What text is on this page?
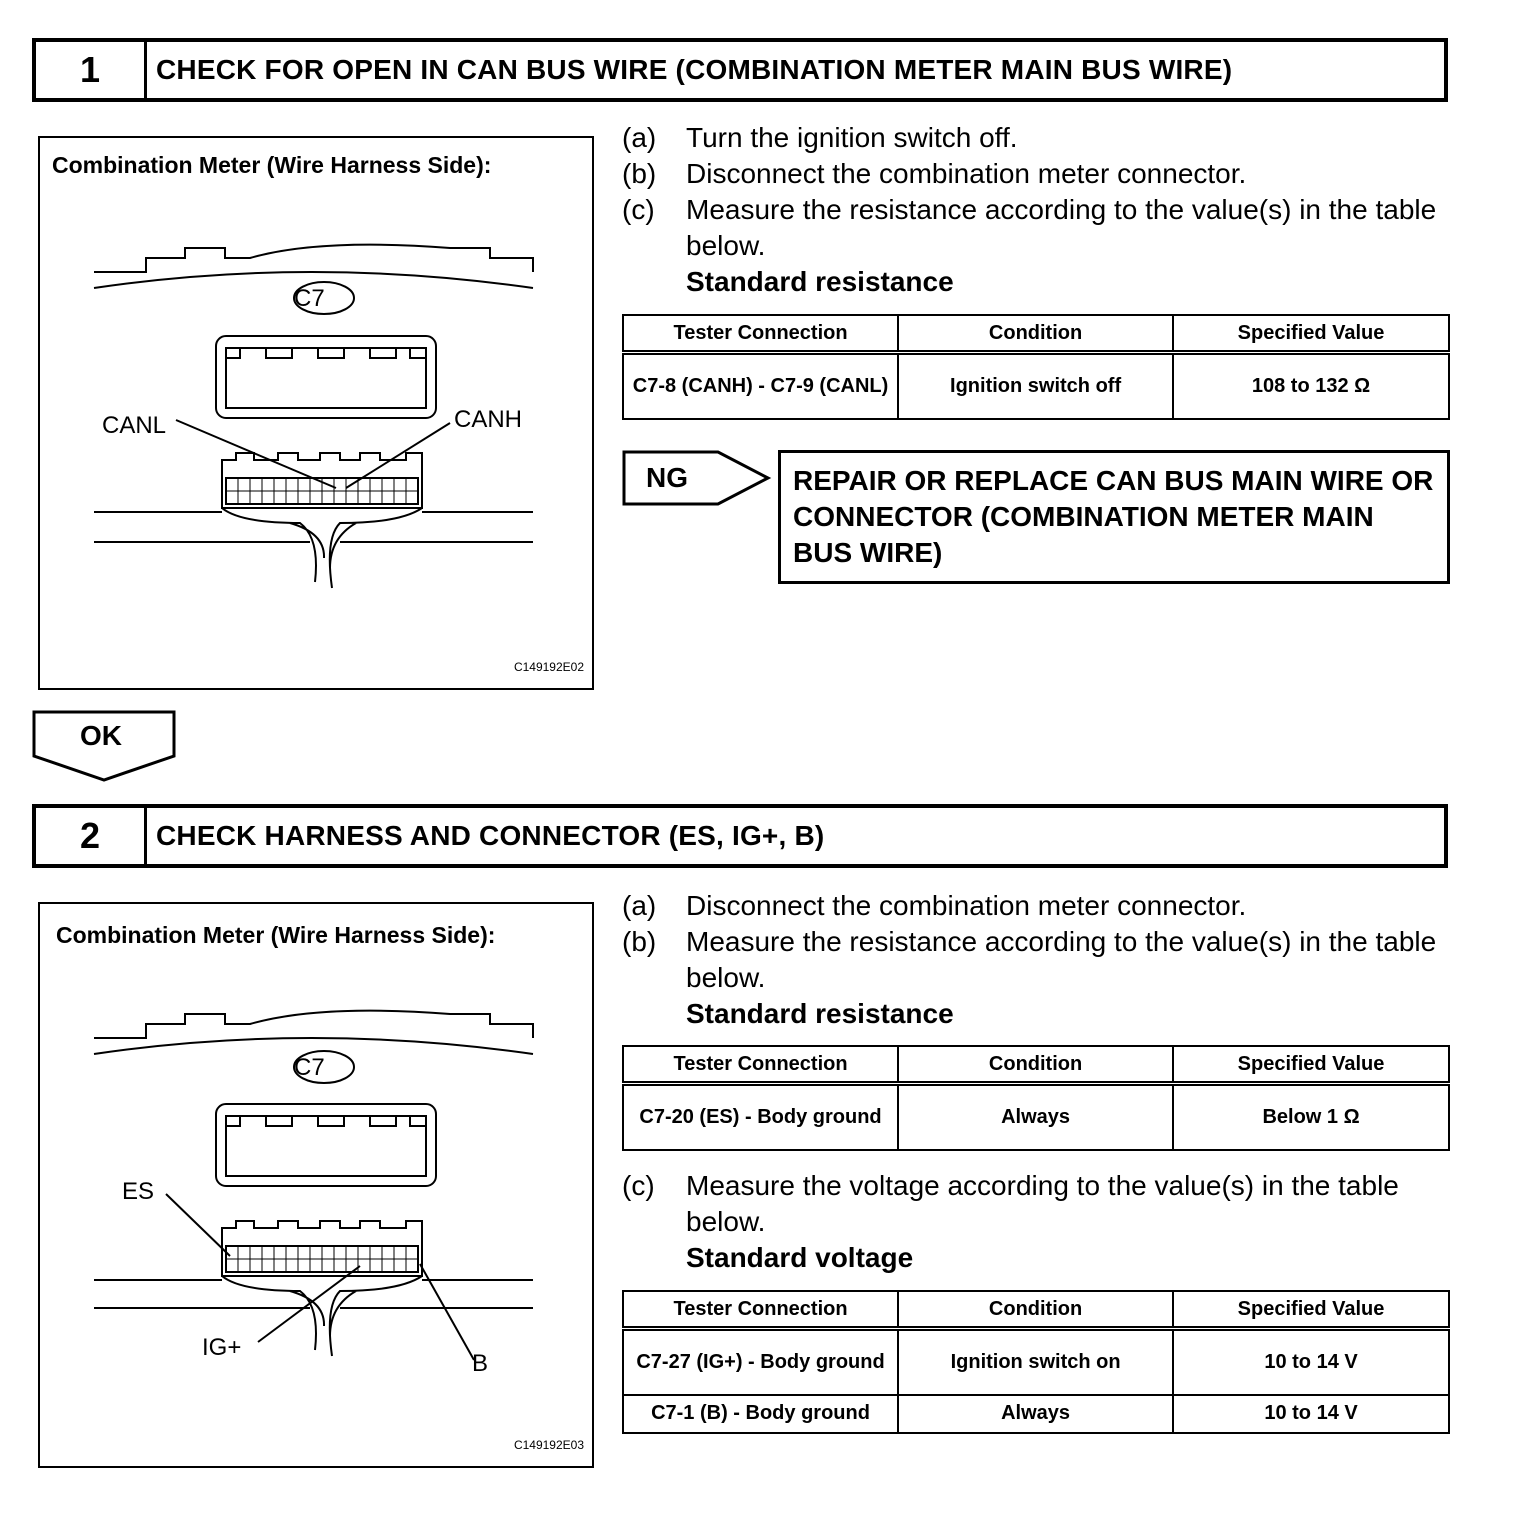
1	CHECK FOR OPEN IN CAN BUS WIRE (COMBINATION METER MAIN BUS WIRE)
Combination Meter (Wire Harness Side):
C7
CANL	CANH
C149192E02
(a) Turn the ignition switch off.
(b) Disconnect the combination meter connector.
(c) Measure the resistance according to the value(s) in the table below.
Standard resistance
Tester Connection	Condition	Specified Value
C7-8 (CANH) - C7-9 (CANL)	Ignition switch off	108 to 132 Ω
NG	REPAIR OR REPLACE CAN BUS MAIN WIRE OR CONNECTOR (COMBINATION METER MAIN BUS WIRE)
OK
2	CHECK HARNESS AND CONNECTOR (ES, IG+, B)
Combination Meter (Wire Harness Side):
C7
ES
IG+
B
C149192E03
(a) Disconnect the combination meter connector.
(b) Measure the resistance according to the value(s) in the table below.
Standard resistance
Tester Connection	Condition	Specified Value
C7-20 (ES) - Body ground	Always	Below 1 Ω
(c) Measure the voltage according to the value(s) in the table below.
Standard voltage
Tester Connection	Condition	Specified Value
C7-27 (IG+) - Body ground	Ignition switch on	10 to 14 V
C7-1 (B) - Body ground	Always	10 to 14 V
